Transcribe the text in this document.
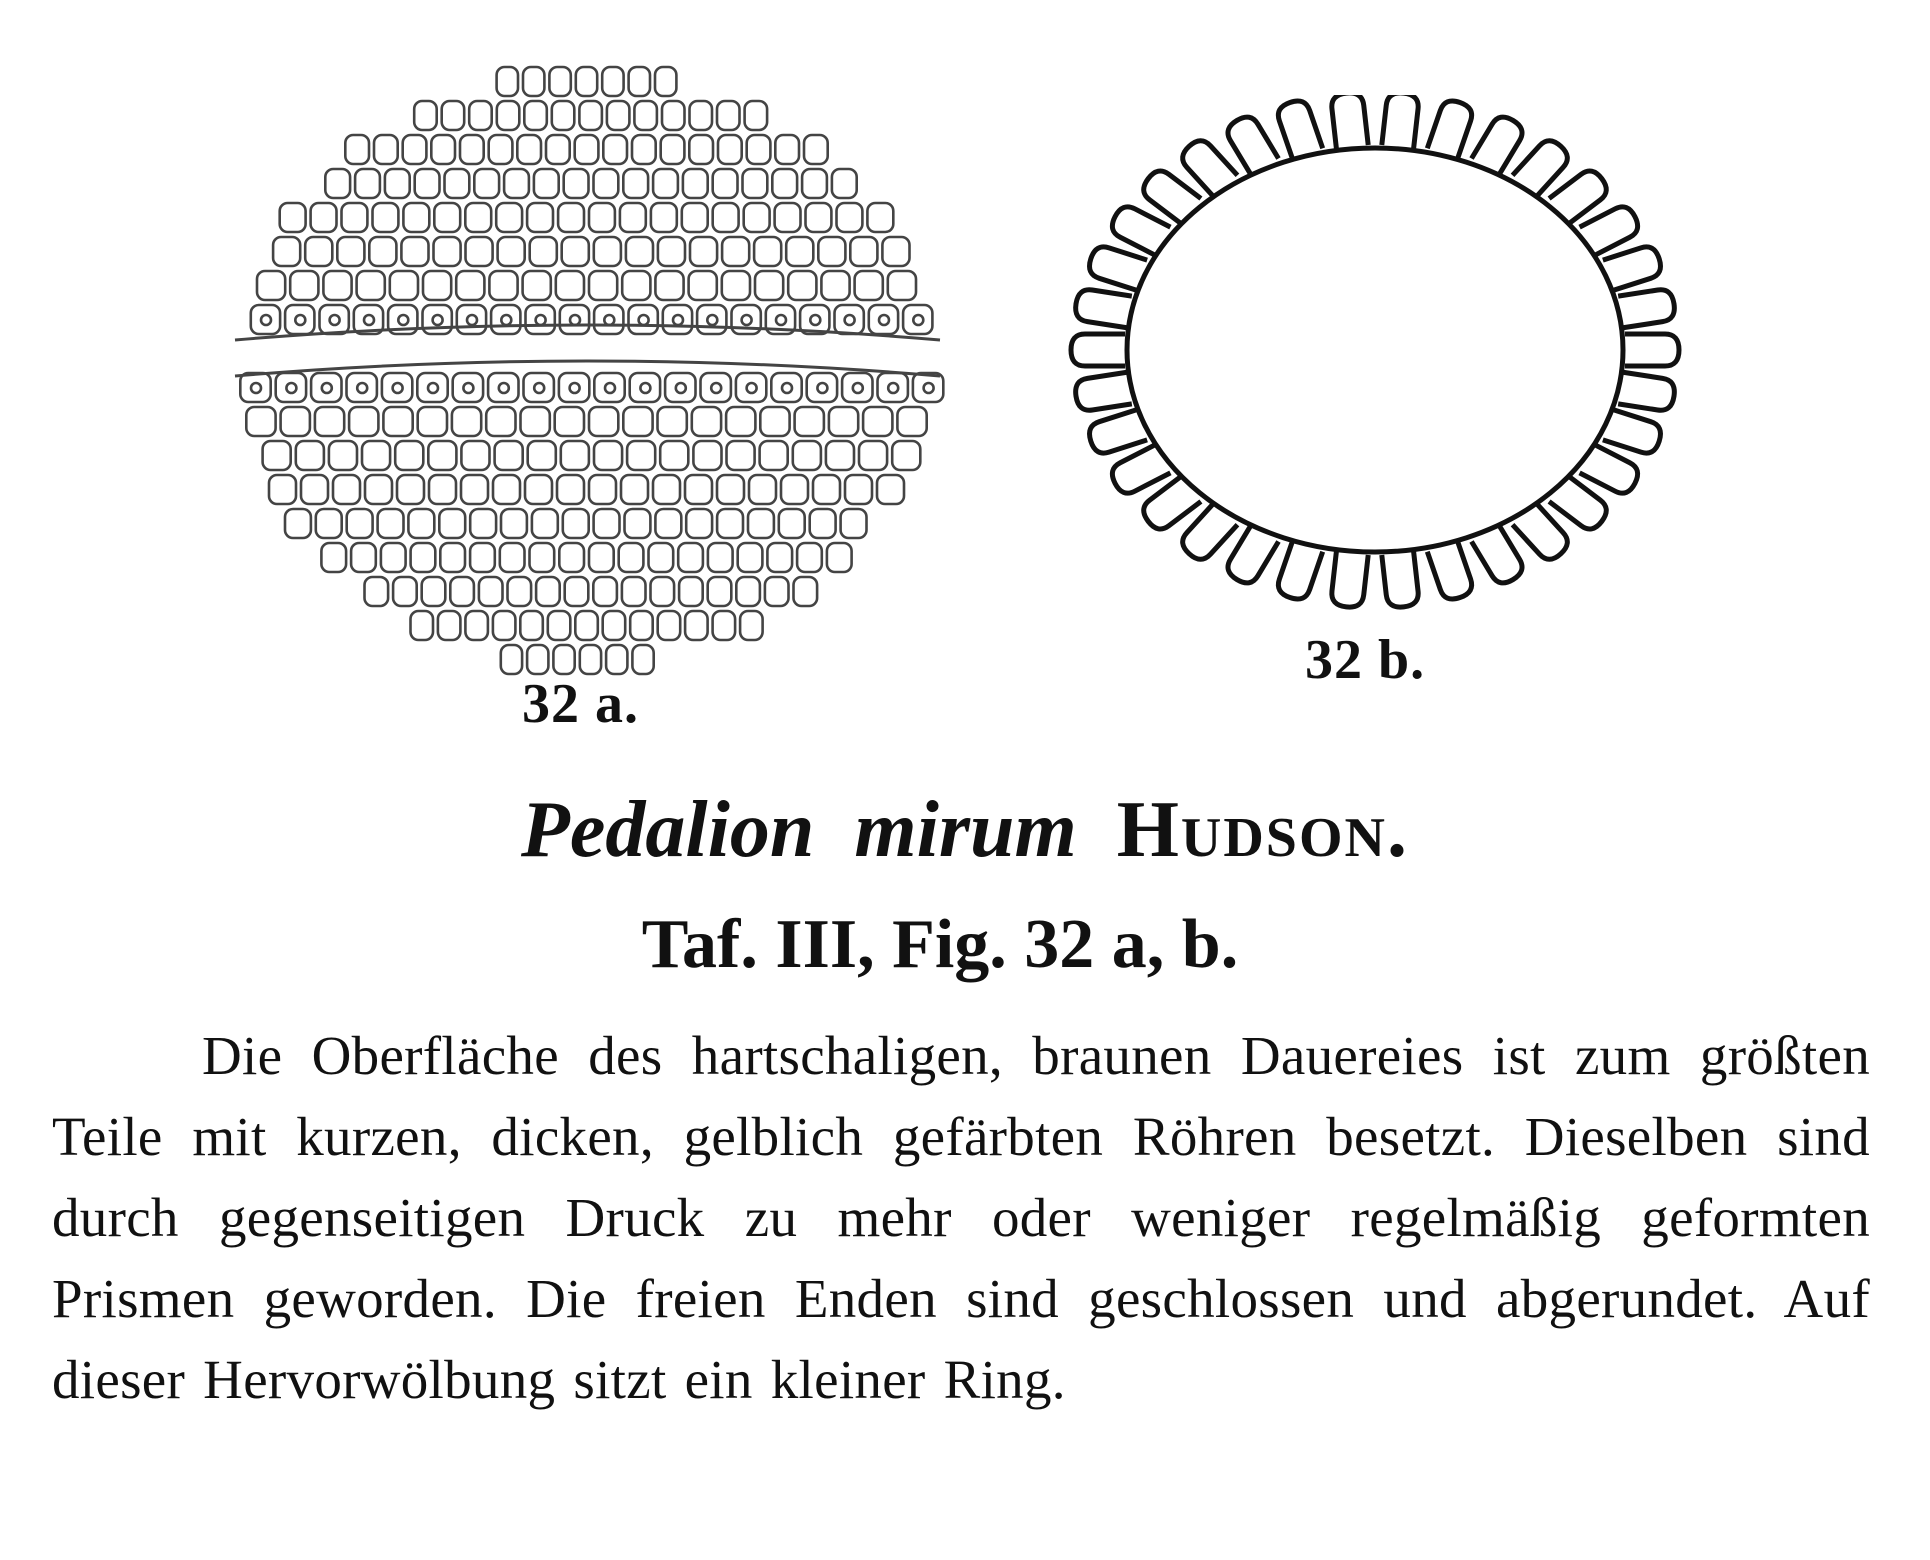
32 a.
32 b.
Pedalion mirum Hudson.
Taf. III, Fig. 32 a, b.

Die Oberfläche des hartschaligen, braunen Dauereies ist zum größten Teile mit kurzen, dicken, gelblich gefärbten Röhren besetzt. Dieselben sind durch gegenseitigen Druck zu mehr oder weniger regelmäßig geformten Prismen geworden. Die freien Enden sind geschlossen und abgerundet. Auf dieser Hervorwölbung sitzt ein kleiner Ring.
